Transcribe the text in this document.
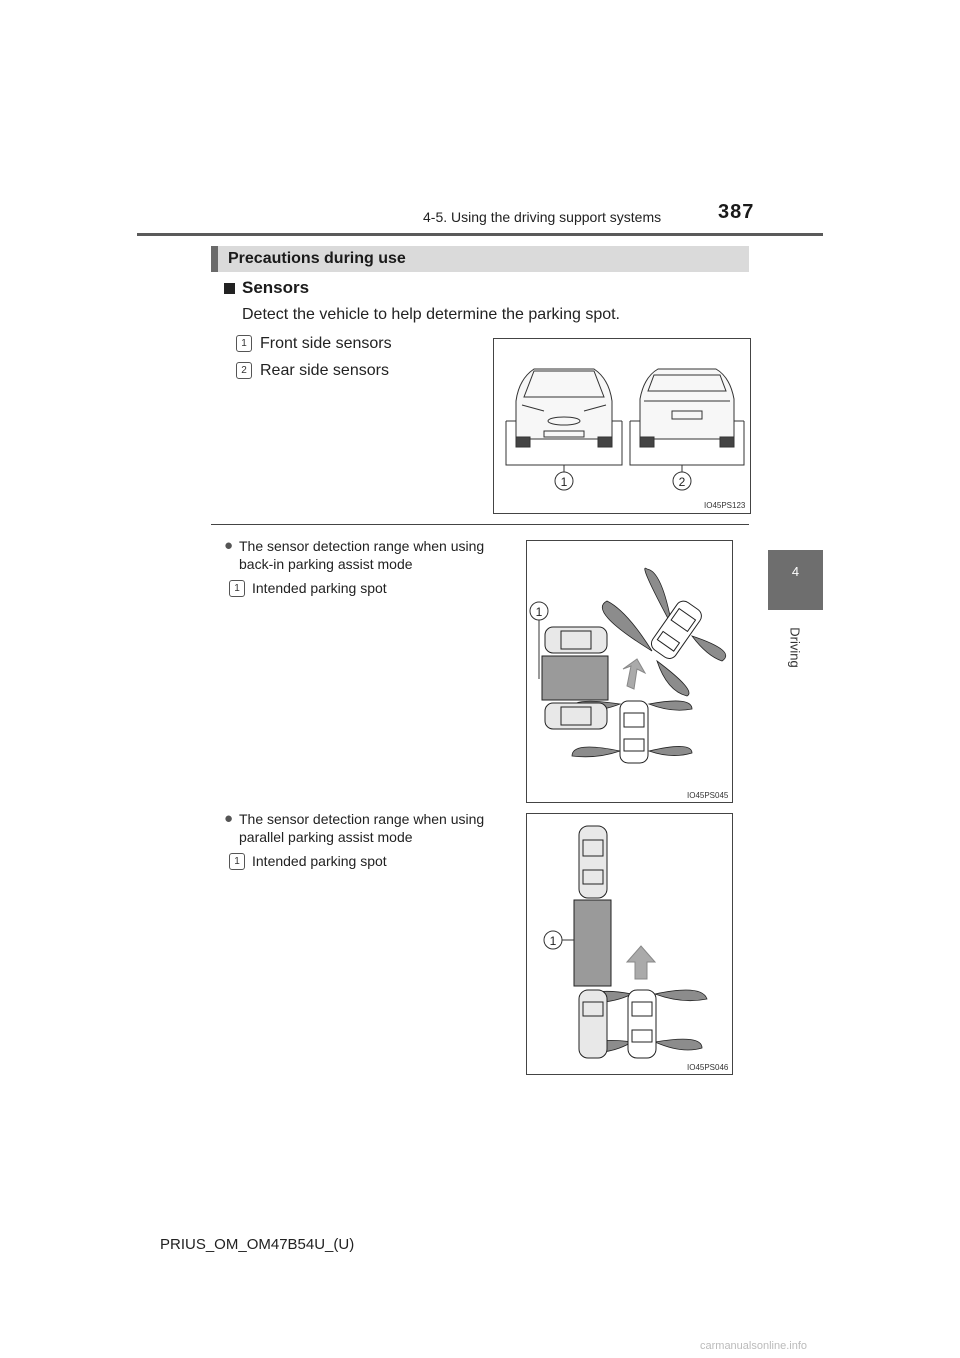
4-5. Using the driving support systems	387
4
Driving
Precautions during use
Sensors
Detect the vehicle to help determine the parking spot.
1 Front side sensors
2 Rear side sensors
1	2
IO45PS123
● The sensor detection range when using
back-in parking assist mode
1 Intended parking spot
1
IO45PS045
● The sensor detection range when using
parallel parking assist mode
1 Intended parking spot
1
IO45PS046
PRIUS_OM_OM47B54U_(U)
carmanualsonline.info
